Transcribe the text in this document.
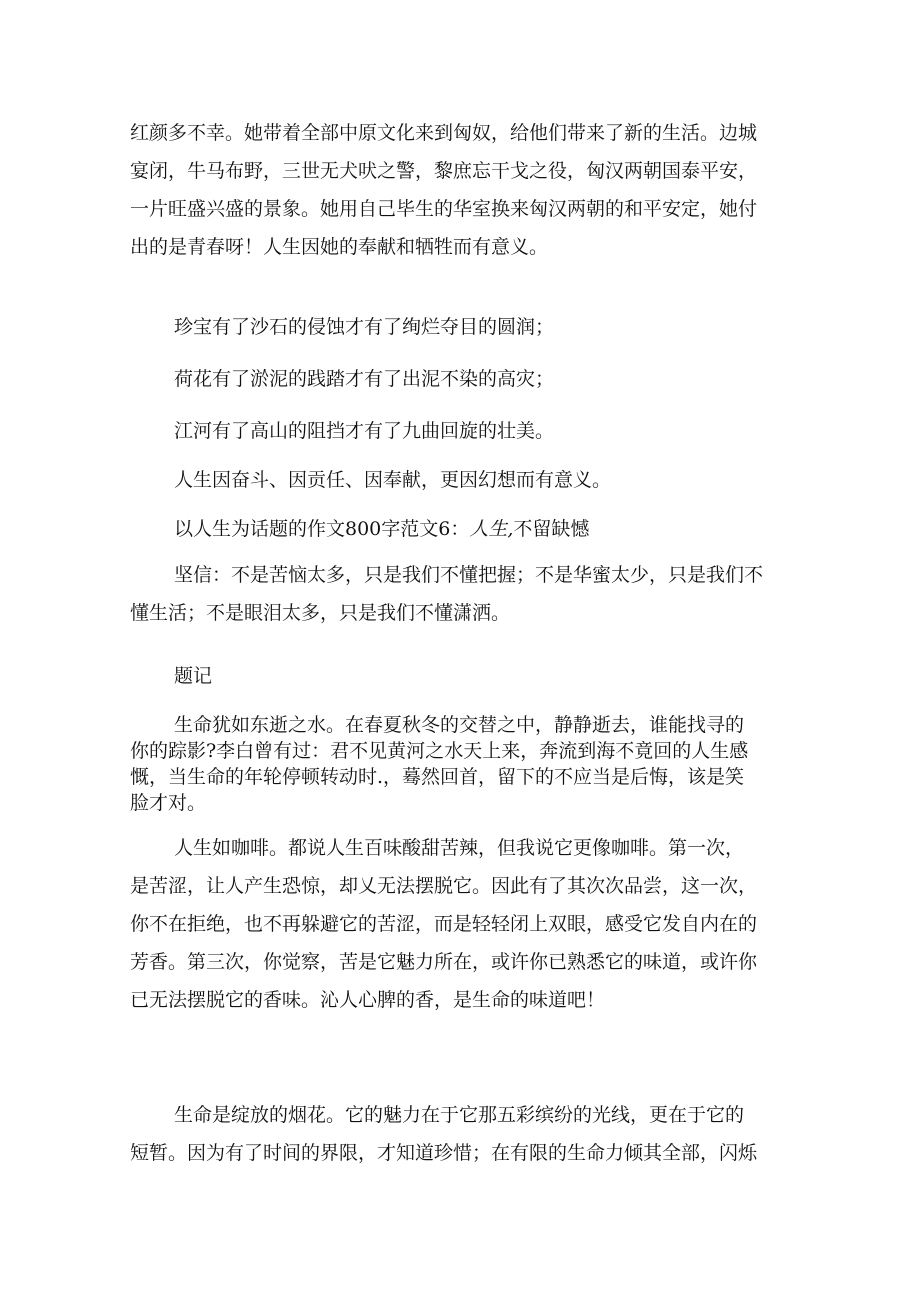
红颜多不幸。她带着全部中原文化来到匈奴，给他们带来了新的生活。边城
宴闭，牛马布野，三世无犬吠之警，黎庶忘干戈之役，匈汉两朝国泰平安，
一片旺盛兴盛的景象。她用自己毕生的华室换来匈汉两朝的和平安定，她付
出的是青春呀！人生因她的奉献和牺牲而有意义。

珍宝有了沙石的侵蚀才有了绚烂夺目的圆润；

荷花有了淤泥的践踏才有了出泥不染的高灾；

江河有了高山的阻挡才有了九曲回旋的壮美。

人生因奋斗、因贡任、因奉献，更因幻想而有意义。

以人生为话题的作文800字范文6：人生,不留缺憾

坚信：不是苦恼太多，只是我们不懂把握；不是华蜜太少，只是我们不
懂生活；不是眼泪太多，只是我们不懂潇洒。

题记

生命犹如东逝之水。在春夏秋冬的交替之中，静静逝去，谁能找寻的
你的踪影?李白曾有过：君不见黄河之水天上来，奔流到海不竟回的人生感
慨，当生命的年轮停顿转动时.，蓦然回首，留下的不应当是后悔，该是笑
脸才对。

人生如咖啡。都说人生百味酸甜苦辣，但我说它更像咖啡。第一次，
是苦涩，让人产生恐惊，却乂无法摆脱它。因此有了其次次品尝，这一次，
你不在拒绝，也不再躲避它的苦涩，而是轻轻闭上双眼，感受它发自内在的
芳香。第三次，你觉察，苦是它魅力所在，或许你已熟悉它的味道，或许你
已无法摆脱它的香味。沁人心脾的香，是生命的味道吧！

生命是绽放的烟花。它的魅力在于它那五彩缤纷的光线，更在于它的
短暂。因为有了时间的界限，才知道珍惜；在有限的生命力倾其全部，闪烁
